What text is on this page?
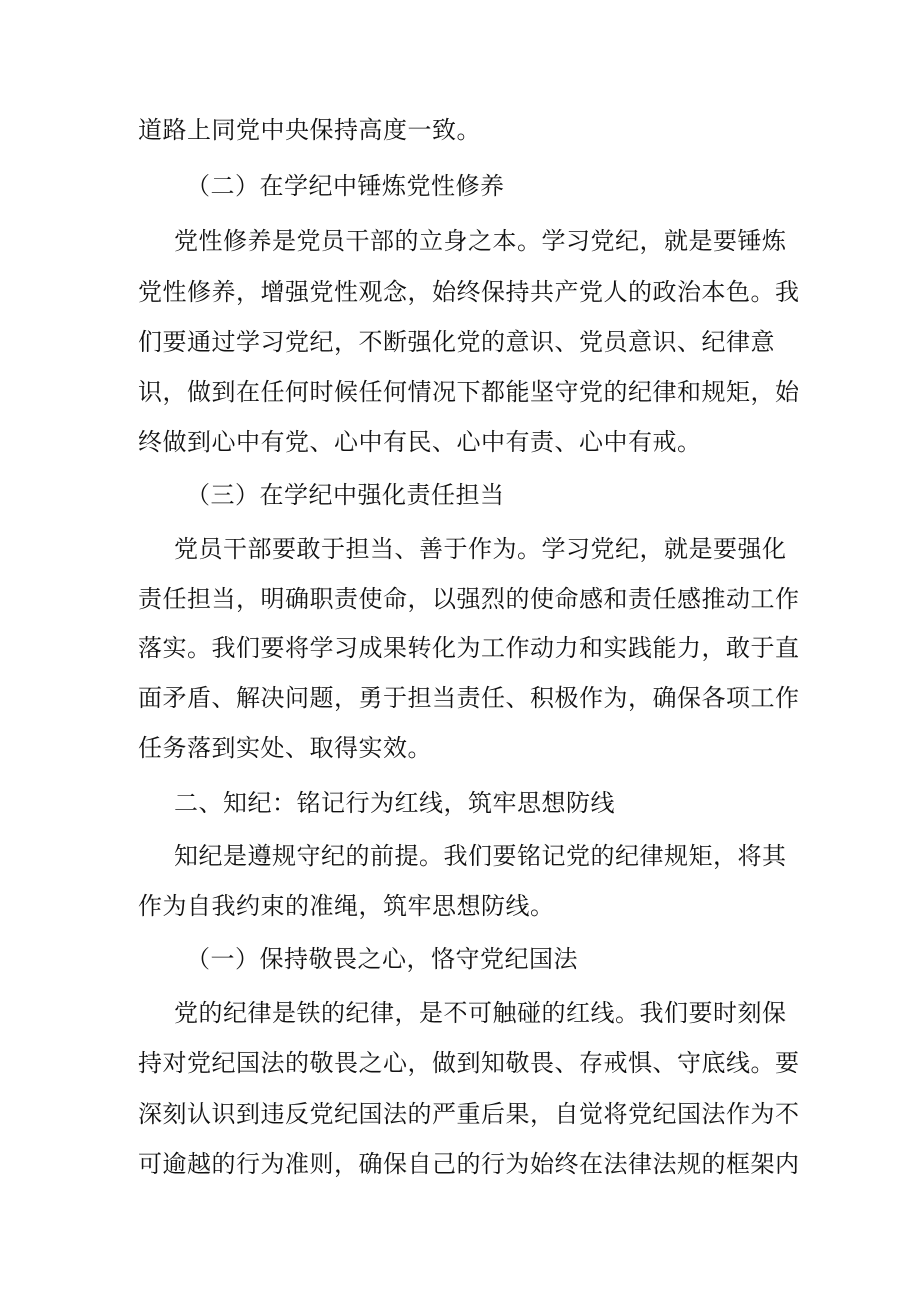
道路上同党中央保持高度一致。
（二）在学纪中锤炼党性修养
党性修养是党员干部的立身之本。学习党纪，就是要锤炼
党性修养，增强党性观念，始终保持共产党人的政治本色。我
们要通过学习党纪，不断强化党的意识、党员意识、纪律意
识，做到在任何时候任何情况下都能坚守党的纪律和规矩，始
终做到心中有党、心中有民、心中有责、心中有戒。
（三）在学纪中强化责任担当
党员干部要敢于担当、善于作为。学习党纪，就是要强化
责任担当，明确职责使命，以强烈的使命感和责任感推动工作
落实。我们要将学习成果转化为工作动力和实践能力，敢于直
面矛盾、解决问题，勇于担当责任、积极作为，确保各项工作
任务落到实处、取得实效。
二、知纪：铭记行为红线，筑牢思想防线
知纪是遵规守纪的前提。我们要铭记党的纪律规矩，将其
作为自我约束的准绳，筑牢思想防线。
（一）保持敬畏之心，恪守党纪国法
党的纪律是铁的纪律，是不可触碰的红线。我们要时刻保
持对党纪国法的敬畏之心，做到知敬畏、存戒惧、守底线。要
深刻认识到违反党纪国法的严重后果，自觉将党纪国法作为不
可逾越的行为准则，确保自己的行为始终在法律法规的框架内
